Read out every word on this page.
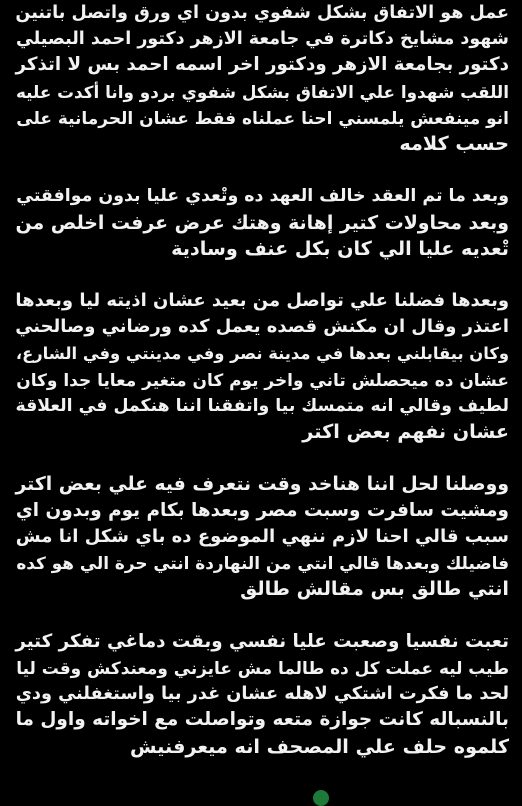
عمل هو الاتفاق بشكل شفوي بدون اي ورق واتصل باتنين
شهود مشايخ دكاترة في جامعة الازهر دكتور احمد البصيلي
دكتور بجامعة الازهر ودكتور اخر اسمه احمد بس لا اتذكر
اللقب شهدوا علي الاتفاق بشكل شفوي بردو وانا أكدت عليه
انو مينفعش يلمسني احنا عملناه فقط عشان الحرمانية على
حسب كلامه
وبعد ما تم العقد خالف العهد ده وتْعدي عليا بدون موافقتي
وبعد محاولات كتير إهانة وهتك عرض عرفت اخلص من
تْعديه عليا الي كان بكل عنف وسادية
وبعدها فضلنا علي تواصل من بعيد عشان اذيته ليا وبعدها
اعتذر وقال ان مكنش قصده يعمل كده ورضاني وصالحني
وكان بيقابلني بعدها في مدينة نصر وفي مدينتي وفي الشارع،
عشان ده ميحصلش تاني واخر يوم كان متغير معايا جدا وكان
لطيف وقالي انه متمسك بيا واتفقنا اننا هنكمل في العلاقة
عشان نفهم بعض اكتر
ووصلنا لحل اننا هناخد وقت نتعرف فيه علي بعض اكتر
ومشيت سافرت وسبت مصر وبعدها بكام يوم وبدون اي
سبب قالي احنا لازم ننهي الموضوع ده باي شكل انا مش
فاضيلك وبعدها قالي انتي من النهاردة انتي حرة الي هو كده
انتي طالق بس مقالش طالق
تعبت نفسيا وصعبت عليا نفسي وبقت دماغي تفكر كتير
طيب ليه عملت كل ده طالما مش عايزني ومعندكش وقت ليا
لحد ما فكرت اشتكي لاهله عشان غدر بيا واستغفلني ودي
بالنسباله كانت جوازة متعه وتواصلت مع اخواته واول ما
كلموه حلف علي المصحف انه ميعرفنيش
